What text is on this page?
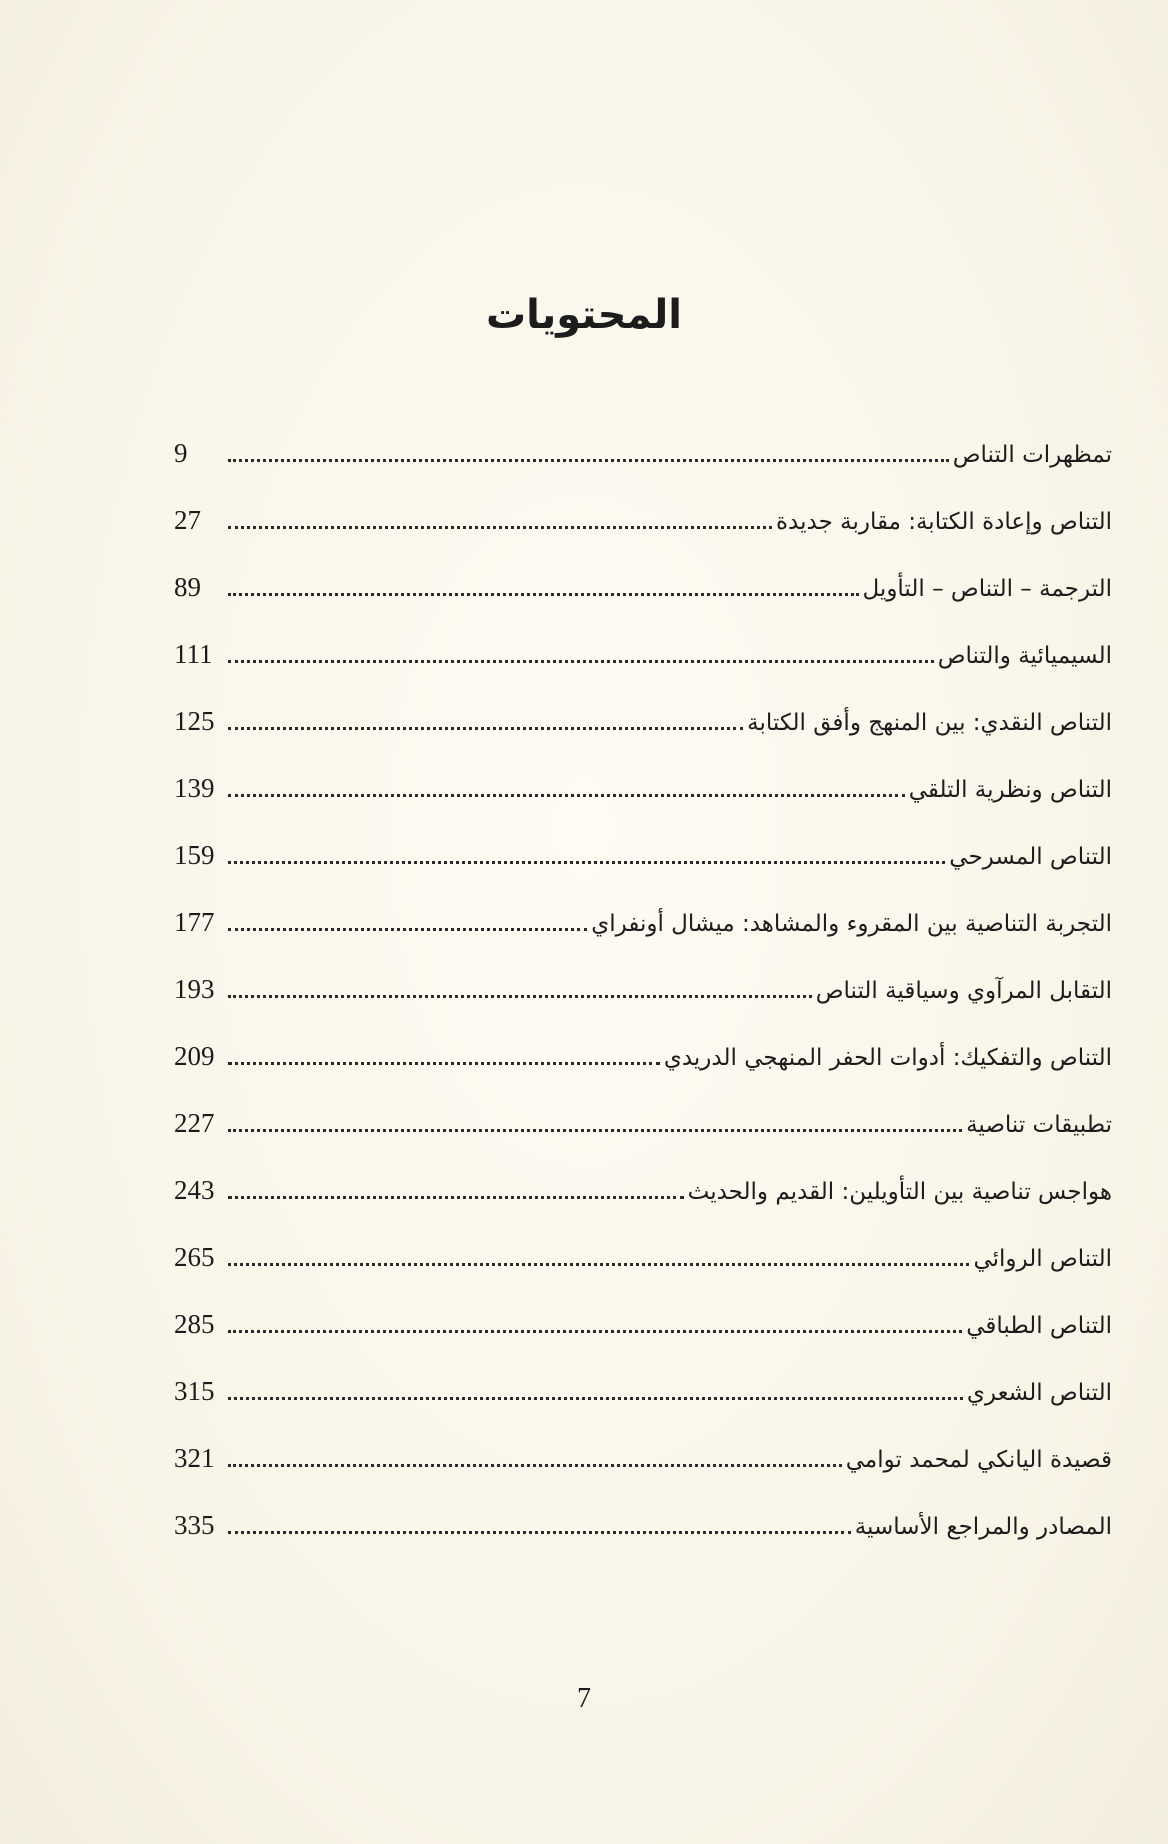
المحتويات
تمظهرات التناص
9
التناص وإعادة الكتابة: مقاربة جديدة
27
الترجمة – التناص – التأويل
89
السيميائية والتناص
111
التناص النقدي: بين المنهج وأفق الكتابة
125
التناص ونظرية التلقي
139
التناص المسرحي
159
التجربة التناصية بين المقروء والمشاهد: ميشال أونفراي
177
التقابل المرآوي وسياقية التناص
193
التناص والتفكيك: أدوات الحفر المنهجي الدريدي
209
تطبيقات تناصية
227
هواجس تناصية بين التأويلين: القديم والحديث
243
التناص الروائي
265
التناص الطباقي
285
التناص الشعري
315
قصيدة اليانكي لمحمد توامي
321
المصادر والمراجع الأساسية
335
7
